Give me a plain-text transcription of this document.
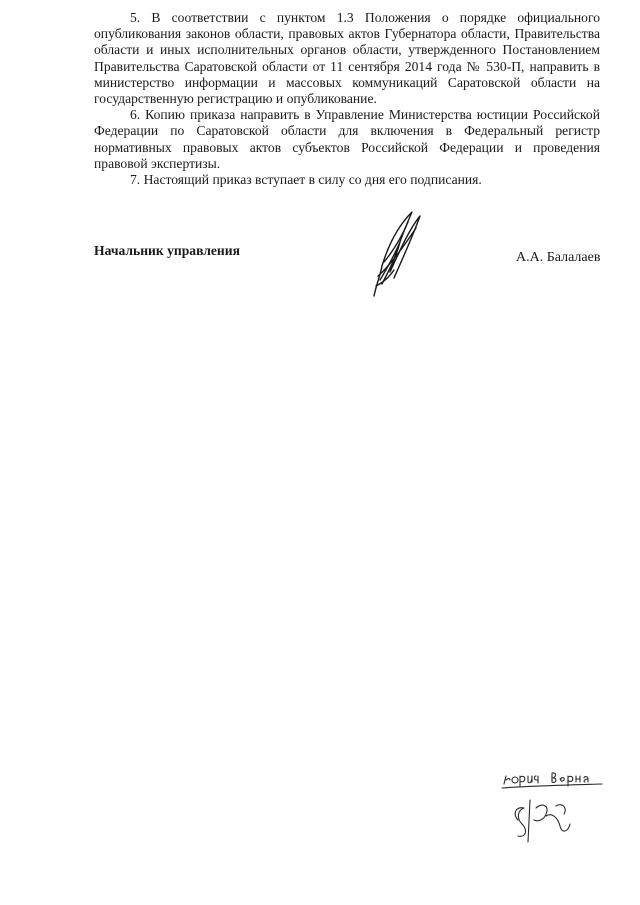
5. В соответствии с пунктом 1.3 Положения о порядке официального опубликования законов области, правовых актов Губернатора области, Правительства области и иных исполнительных органов области, утвержденного Постановлением Правительства Саратовской области от 11 сентября 2014 года № 530-П, направить в министерство информации и массовых коммуникаций Саратовской области на государственную регистрацию и опубликование.

6. Копию приказа направить в Управление Министерства юстиции Российской Федерации по Саратовской области для включения в Федеральный регистр нормативных правовых актов субъектов Российской Федерации и проведения правовой экспертизы.

7. Настоящий приказ вступает в силу со дня его подписания.

Начальник управления	А.А. Балалаев
